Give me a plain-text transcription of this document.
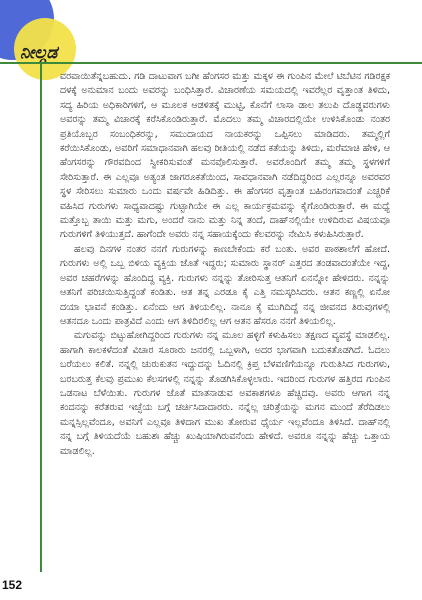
ನೀಲ್ಗಡ

ವರವಾಯಿತೆನ್ನಬಹುದು. ಗಡಿ ದಾಟುವಾಗ ಬಗೀ ಹೆಂಗಸರ ಮತ್ತು ಮಕ್ಕಳ ಈ ಗುಂಪಿನ ಮೇಲೆ ಟಿಬೆಟಿನ ಗಡಿರಕ್ಷಕ ದಳಕ್ಕೆ ಅನುಮಾನ ಬಂದು ಅವರನ್ನು ಬಂಧಿಸಿತ್ತಾರೆ. ವಿಚಾರಣೆಯ ಸಮಯದಲ್ಲಿ ಇವರೆಲ್ಲರ ವೃತ್ತಾಂತ ತಿಳಿದು, ಸದ್ಯ ಹಿರಿಯ ಅಧಿಕಾರಿಗಳಿಗೆ, ಆ ಮೂಲಕ ಆಡಳಿತಕ್ಕೆ ಮುಟ್ಟಿ, ಕೊನೆಗೆ ಲಾಸಾ ಡಾಲ ತಲುಪಿ ದೊಡ್ಡವರುಗಳು ಅವರನ್ನು ತಮ್ಮ ವಿಚಾರಕ್ಕೆ ಕರೆಸಿಕೊಂಡಿರುತ್ತಾರೆ. ಮೊದಲು ತಮ್ಮ ವಿಚಾರದಲ್ಲಿಯೇ ಉಳಿಸಿಕೊಂಡು ನಂತರ ಪ್ರತಿಯೊಬ್ಬರ ಸಂಬಂಧಿಕರನ್ನು, ಸಮುದಾಯದ ನಾಯಕರನ್ನು ಒಪ್ಪಿಸಲು ಮಾಡಿದರು. ತಮ್ಮಲ್ಲಿಗೆ ಕರೆಯಿಸಿಕೊಂಡು, ಅವರಿಗೆ ಸಮಾಧಾನವಾಗಿ ಹಲವು ರೀತಿಯಲ್ಲಿ ನಡೆದ ಕತೆಯನ್ನು ತಿಳಿದು, ಮರೆಮಾಚಿ ಹೇಳಿ, ಆ ಹೆಂಗಸರನ್ನು ಗೌರವದಿಂದ ಸ್ವೀಕರಿಸುವಂತೆ ಮನವೊಲಿಸುತ್ತಾರೆ. ಅವರೊಂದಿಗೆ ತಮ್ಮ ತಮ್ಮ ಸ್ಥಳಗಳಿಗೆ ಸೇರಿಸುತ್ತಾರೆ. ಈ ಎಲ್ಲವೂ ಅತ್ಯಂತ ಜಾಗರೂಕತೆಯಿಂದ, ಸಾವಧಾನವಾಗಿ ನಡೆದಿದ್ದರಿಂದ ಎಲ್ಲರನ್ನೂ ಅವರವರ ಸ್ಥಳ ಸೇರಿಸಲು ಸುಮಾರು ಒಂದು ವರ್ಷವೇ ಹಿಡಿದಿತ್ತು. ಈ ಹೆಂಗಸರ ವೃತ್ತಾಂತ ಬಹಿರಂಗವಾದಂತೆ ಎಚ್ಚರಿಕೆ ವಹಿಸಿದ ಗುರುಗಳು ಸಾಧ್ಯವಾದಷ್ಟು ಗುಟ್ಟಾಗಿಯೇ ಈ ಎಲ್ಲ ಕಾರ್ಯಕ್ರಮವನ್ನು ಕೈಗೊಂಡಿರುತ್ತಾರೆ. ಈ ಮಧ್ಯೆ ಮತ್ತೊಬ್ಬ ತಾಯಿ ಮತ್ತು ಮಗು, ಅಂದರೆ ನಾನು ಮತ್ತು ನಿನ್ನ ತಂದೆ, ದಾಹ್‌ನಲ್ಲಿಯೇ ಉಳಿದಿರುವ ವಿಷಯವೂ ಗುರುಗಳಿಗೆ ತಿಳಿಯುತ್ತದೆ. ಹಾಗೆಂದೇ ಅವರು ನನ್ನ ಸಹಾಯಕ್ಕೆಂದು ಕೆಲವರನ್ನು ನೇಮಿಸಿ ಕಳುಹಿಸಿರುತ್ತಾರೆ.

ಹಲವು ದಿನಗಳ ನಂತರ ನನಗೆ ಗುರುಗಳನ್ನು ಕಾಣಬೇಕೆಂದು ಕರೆ ಬಂತು. ಅವರ ಪಾಠಶಾಲೆಗೆ ಹೋದೆ. ಗುರುಗಳು ಅಲ್ಲಿ ಒಬ್ಬ ಬಿಳಿಯ ವ್ಯಕ್ತಿಯ ಜೊತೆ ಇದ್ದರು; ಸುಮಾರು ಸ್ಥಾನರ್ ಎತ್ತರದ ತಂಡವಾದಂತೆಯೇ ಇದ್ದ, ಅವರ ಚಹರೆಗಳನ್ನು ಹೊಂದಿದ್ದ ವ್ಯಕ್ತಿ. ಗುರುಗಳು ನನ್ನನ್ನು ತೋರಿಸುತ್ತ ಆತನಿಗೆ ಏನನ್ನೋ ಹೇಳಿದರು. ನನ್ನನ್ನು ಆತನಿಗೆ ಪರಿಚಯಿಸುತ್ತಿದ್ದಂತೆ ಕಂಡಿತು. ಆತ ತನ್ನ ಎರಡೂ ಕೈ ಎತ್ತಿ ನಮಸ್ಕರಿಸಿದರು. ಆತನ ಕಣ್ಣಲ್ಲಿ ಏನೋ ದಯಾ ಭಾವನೆ ಕಂಡಿತ್ತು. ಏನೆಂದು ಆಗ ತಿಳಿಯಲಿಲ್ಲ. ನಾನೂ ಕೈ ಮುಗಿದಿದ್ದೆ ನನ್ನ ಜೀವನದ ತಿರುವುಗಳಲ್ಲಿ ಆತನದೂ ಒಂದು ಪಾತ್ರವಿದೆ ಎಂದು ಆಗ ತಿಳಿದಿರಲಿಲ್ಲ ಆಗ ಆತನ ಹೆಸರೂ ನನಗೆ ತಿಳಿಯಲಿಲ್ಲ.

ಮಗುವನ್ನು ಬಿಟ್ಟುಹೋಗಿದ್ದರಿಂದ ಗುರುಗಳು ನನ್ನ ಮೂಲ ಹಳ್ಳಿಗೆ ಕಳುಹಿಸಲು ತಕ್ಷಣದ ವ್ಯವಸ್ಥೆ ಮಾಡಲಿಲ್ಲ. ಹಾಗಾಗಿ ಕಾಲಕಳೆದಂತೆ ವಿಚಾರ ಸೂರಾರು ಜನರಲ್ಲಿ ಒಬ್ಬಳಾಗಿ, ಅದರ ಭಾಗವಾಗಿ ಬದುಕತೊಡಗಿದೆ. ಓದಲು ಬರೆಯಲು ಕಲಿತೆ. ನನ್ನಲ್ಲಿ ಚುರುಕುತನ ಇದ್ದುದನ್ನು ಓದಿನಲ್ಲಿ ಕ್ರಿಪ್ತ ಬೆಳವಣಿಗೆಯನ್ನೂ ಗುರುತಿಸಿದ ಗುರುಗಳು, ಬರಬರುತ್ತ ಕೆಲವು ಪ್ರಮುಖ ಕೆಲಸಗಳಲ್ಲಿ ನನ್ನನ್ನು ತೊಡಗಿಸಿಕೊಳ್ಳಲಾರು. ಇದರಿಂದ ಗುರುಗಳ ಹತ್ತಿರದ ಗುಂಪಿನ ಒಡನಾಟ ಬೆಳೆಯಿತು. ಗುರುಗಳ ಜೊತೆ ಮಾತನಾಡುವ ಅವಕಾಶಗಳೂ ಹೆಚ್ಚಿದವು. ಅವರು ಆಗಾಗ ನನ್ನ ಕಂದನನ್ನು ಕರೆತರುವ ಇಚ್ಛೆಯ ಬಗ್ಗೆ ಚರ್ಚಿಸಿದಾದಾರರು. ನನ್ನೆಲ್ಲ ಚರಿತ್ರೆಯನ್ನು ಮಗನ ಮುಂದೆ ತೆರೆದಿಡಲು ಮನ್ನಸ್ಸಿಲ್ಲವೆಂದೂ, ಅವನಿಗೆ ಎಲ್ಲವೂ ತಿಳಿದಾಗ ಮುಖ ತೋರುವ ಧೈರ್ಯ ಇಲ್ಲವೆಂದೂ ತಿಳಿಸಿದೆ. ದಾಹ್‌ನಲ್ಲಿ ನನ್ನ ಬಗ್ಗೆ ತಿಳಿಯದೆಯೆ ಬಹುಶಃ ಹೆಚ್ಚು ಖುಷಿಯಾಗಿರುವನೆಂದು ಹೇಳಿದೆ. ಅವರೂ ನನ್ನನ್ನು ಹೆಚ್ಚು ಒತ್ತಾಯ ಮಾಡಲಿಲ್ಲ.

152
